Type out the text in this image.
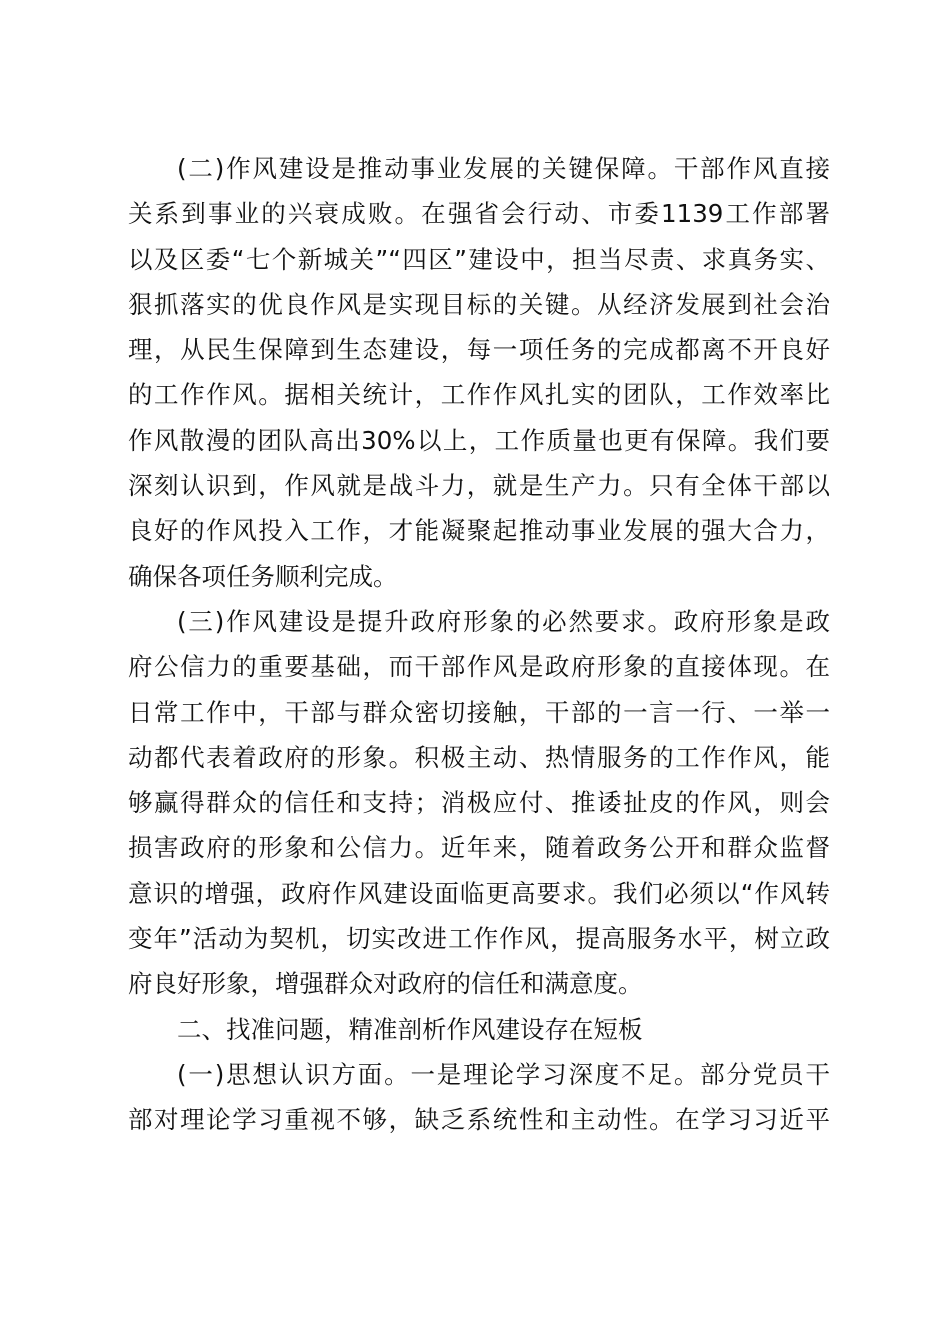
(二)作风建设是推动事业发展的关键保障。干部作风直接
关系到事业的兴衰成败。在强省会行动、市委1139工作部署
以及区委“七个新城关”“四区”建设中，担当尽责、求真务实、
狠抓落实的优良作风是实现目标的关键。从经济发展到社会治
理，从民生保障到生态建设，每一项任务的完成都离不开良好
的工作作风。据相关统计，工作作风扎实的团队，工作效率比
作风散漫的团队高出30%以上，工作质量也更有保障。我们要
深刻认识到，作风就是战斗力，就是生产力。只有全体干部以
良好的作风投入工作，才能凝聚起推动事业发展的强大合力，
确保各项任务顺利完成。
(三)作风建设是提升政府形象的必然要求。政府形象是政
府公信力的重要基础，而干部作风是政府形象的直接体现。在
日常工作中，干部与群众密切接触，干部的一言一行、一举一
动都代表着政府的形象。积极主动、热情服务的工作作风，能
够赢得群众的信任和支持；消极应付、推诿扯皮的作风，则会
损害政府的形象和公信力。近年来，随着政务公开和群众监督
意识的增强，政府作风建设面临更高要求。我们必须以“作风转
变年”活动为契机，切实改进工作作风，提高服务水平，树立政
府良好形象，增强群众对政府的信任和满意度。
二、找准问题，精准剖析作风建设存在短板
(一)思想认识方面。一是理论学习深度不足。部分党员干
部对理论学习重视不够，缺乏系统性和主动性。在学习习近平
